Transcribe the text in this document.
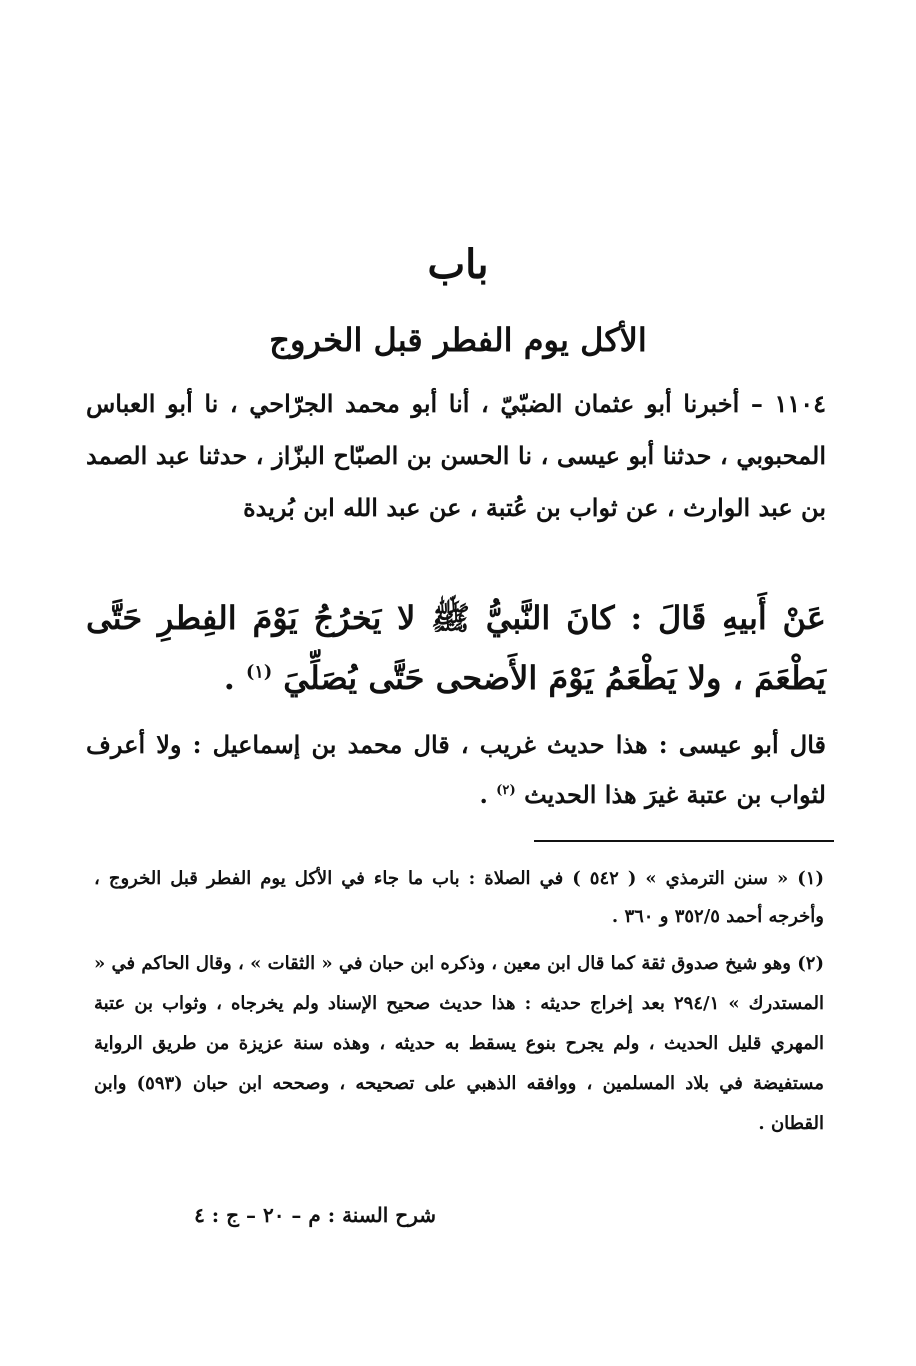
باب
الأكل يوم الفطر قبل الخروج
١١٠٤ – أخبرنا أبو عثمان الضبّيّ ، أنا أبو محمد الجرّاحي ، نا أبو العباس المحبوبي ، حدثنا أبو عيسى ، نا الحسن بن الصبّاح البزّاز ، حدثنا عبد الصمد بن عبد الوارث ، عن ثواب بن عُتبة ، عن عبد الله ابن بُريدة
عَنْ أَبيهِ قَالَ : كانَ النَّبيُّ ﷺ لا يَخرُجُ يَوْمَ الفِطرِ حَتَّى يَطْعَمَ ، ولا يَطْعَمُ يَوْمَ الأَضحى حَتَّى يُصَلِّيَ $^{(١)}$ .
قال أبو عيسى : هذا حديث غريب ، قال محمد بن إسماعيل : ولا أعرف لثواب بن عتبة غيرَ هذا الحديث $^{(٢)}$ .
(١) « سنن الترمذي » ( ٥٤٢ ) في الصلاة : باب ما جاء في الأكل يوم الفطر قبل الخروج ، وأخرجه أحمد ٣٥٢/٥ و ٣٦٠ .
(٢) وهو شيخ صدوق ثقة كما قال ابن معين ، وذكره ابن حبان في « الثقات » ، وقال الحاكم في « المستدرك » ٢٩٤/١ بعد إخراج حديثه : هذا حديث صحيح الإسناد ولم يخرجاه ، وثواب بن عتبة المهري قليل الحديث ، ولم يجرح بنوع يسقط به حديثه ، وهذه سنة عزيزة من طريق الرواية مستفيضة في بلاد المسلمين ، ووافقه الذهبي على تصحيحه ، وصححه ابن حبان (٥٩٣) وابن القطان .
شرح السنة : م – ٢٠ – ج : ٤
